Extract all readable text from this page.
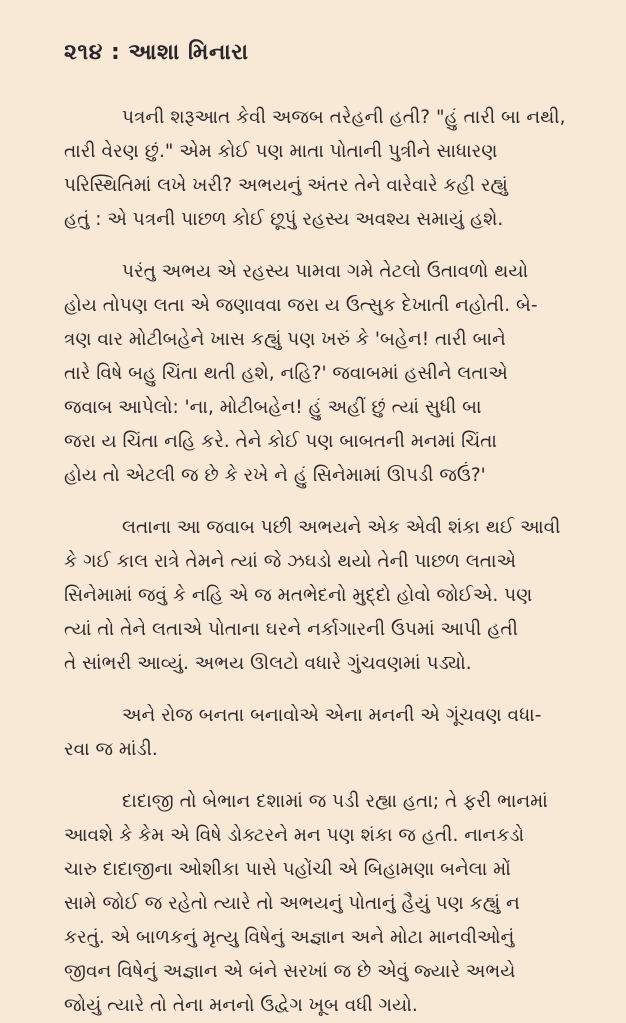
૨૧૪ : આશા મિનારા
પત્રની શરૂઆત કેવી અજબ તરેહની હતી? "હું તારી બા નથી,
તારી વેરણ છું." એમ કોઈ પણ માતા પોતાની પુત્રીને સાધારણ
પરિસ્થિતિમાં લખે ખરી? અભયનું અંતર તેને વારેવારે કહી રહ્યું
હતું : એ પત્રની પાછળ કોઈ છૂપું રહસ્ય અવશ્ય સમાયું હશે.
પરંતુ અભય એ રહસ્ય પામવા ગમે તેટલો ઉતાવળો થયો
હોય તોપણ લતા એ જણાવવા જરા ય ઉત્સુક દેખાતી નહોતી. બે-
ત્રણ વાર મોટીબહેને ખાસ કહ્યું પણ ખરું કે 'બહેન! તારી બાને
તારે વિષે બહુ ચિંતા થતી હશે, નહિ?' જવાબમાં હસીને લતાએ
જવાબ આપેલો: 'ના, મોટીબહેન! હું અહીં છું ત્યાં સુધી બા
જરા ય ચિંતા નહિ કરે. તેને કોઈ પણ બાબતની મનમાં ચિંતા
હોય તો એટલી જ છે કે રખે ને હું સિનેમામાં ઊપડી જઉં?'
લતાના આ જવાબ પછી અભયને એક એવી શંકા થઈ આવી
કે ગઈ કાલ રાત્રે તેમને ત્યાં જે ઝઘડો થયો તેની પાછળ લતાએ
સિનેમામાં જવું કે નહિ એ જ મતભેદનો મુદ્દો હોવો જોઈએ. પણ
ત્યાં તો તેને લતાએ પોતાના ઘરને નર્કાગારની ઉપમાં આપી હતી
તે સાંભરી આવ્યું. અભય ઊલટો વધારે ગુંચવણમાં પડ્યો.
અને રોજ બનતા બનાવોએ એના મનની એ ગૂંચવણ વધા-
રવા જ માંડી.
દાદાજી તો બેભાન દશામાં જ પડી રહ્યા હતા; તે ફરી ભાનમાં
આવશે કે કેમ એ વિષે ડોક્ટરને મન પણ શંકા જ હતી. નાનકડો
ચારુ દાદાજીના ઓશીકા પાસે પહોંચી એ બિહામણા બનેલા મોં
સામે જોઈ જ રહેતો ત્યારે તો અભયનું પોતાનું હૈયું પણ કહ્યું ન
કરતું. એ બાળકનું મૃત્યુ વિષેનું અજ્ઞાન અને મોટા માનવીઓનું
જીવન વિષેનું અજ્ઞાન એ બંને સરખાં જ છે એવું જ્યારે અભયે
જોયું ત્યારે તો તેના મનનો ઉદ્વેગ ખૂબ વધી ગયો.
